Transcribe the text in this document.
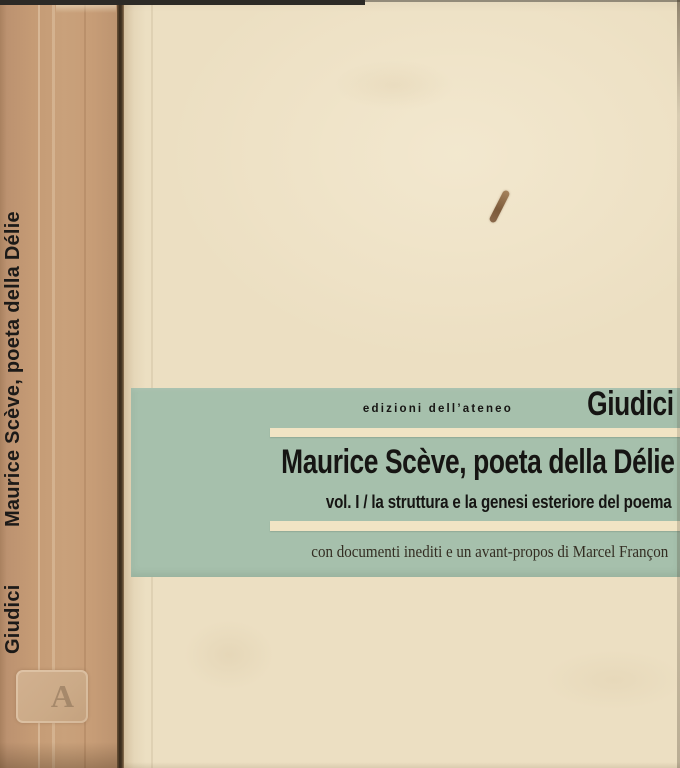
Maurice Scève, poeta della Délie
Giudici
A
edizioni dell’ateneo Giudici
Maurice Scève, poeta della Délie
vol. I / la struttura e la genesi esteriore del poema
con documenti inediti e un avant-propos di Marcel Françon
